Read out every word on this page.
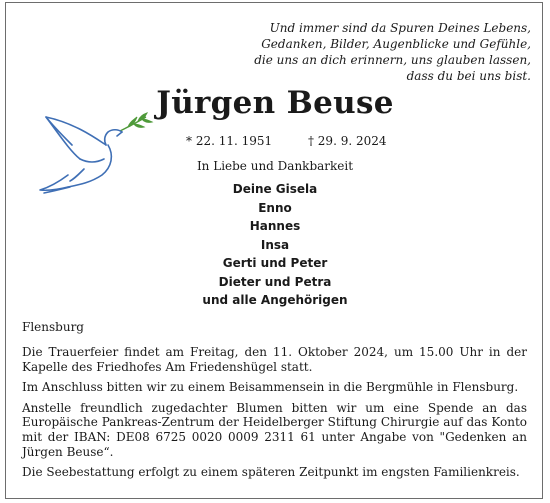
Und immer sind da Spuren Deines Lebens,
Gedanken, Bilder, Augenblicke und Gefühle,
die uns an dich erinnern, uns glauben lassen,
dass du bei uns bist.
Jürgen Beuse
* 22. 11. 1951	† 29. 9. 2024
In Liebe und Dankbarkeit
Deine Gisela
Enno
Hannes
Insa
Gerti und Peter
Dieter und Petra
und alle Angehörigen
Flensburg

Die Trauerfeier findet am Freitag, den 11. Oktober 2024, um 15.00 Uhr in der Kapelle des Friedhofes Am Friedenshügel statt.

Im Anschluss bitten wir zu einem Beisammensein in die Bergmühle in Flensburg.

Anstelle freundlich zugedachter Blumen bitten wir um eine Spende an das Europäische Pankreas-Zentrum der Heidelberger Stiftung Chirurgie auf das Konto mit der IBAN: DE08 6725 0020 0009 2311 61 unter Angabe von "Gedenken an Jürgen Beuse“.

Die Seebestattung erfolgt zu einem späteren Zeitpunkt im engsten Familienkreis.
